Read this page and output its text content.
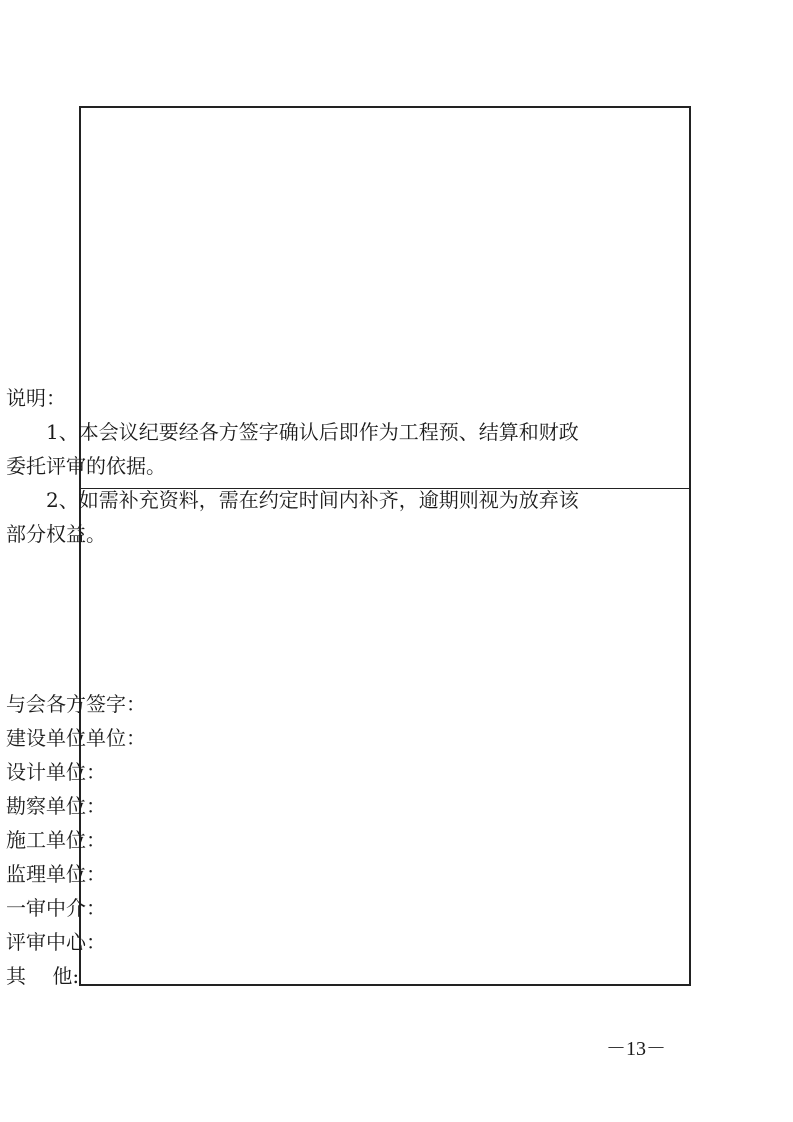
说明：
1、本会议纪要经各方签字确认后即作为工程预、结算和财政
委托评审的依据。
2、如需补充资料，需在约定时间内补齐，逾期则视为放弃该
部分权益。
与会各方签字：
建设单位单位：
设计单位：
勘察单位：
施工单位：
监理单位：
一审中介：
评审中心：
其　 他:
－13－
